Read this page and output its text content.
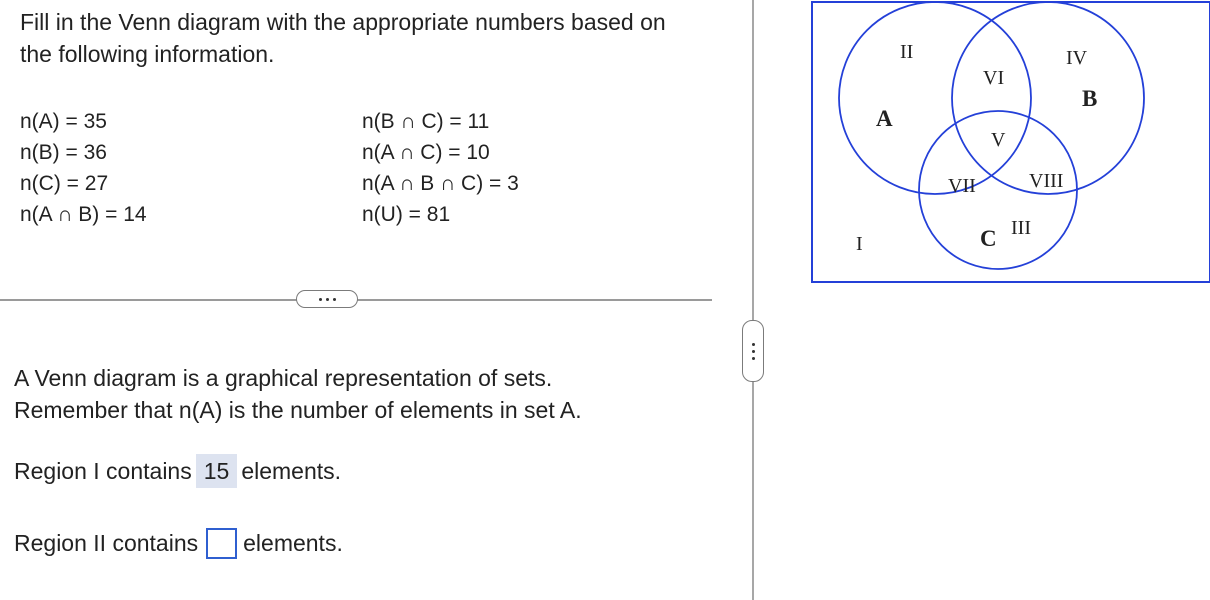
Fill in the Venn diagram with the appropriate numbers based on the following information.
n(A) = 35
n(B) = 36
n(C) = 27
n(A ∩ B) = 14
n(B ∩ C) = 11
n(A ∩ C) = 10
n(A ∩ B ∩ C) = 3
n(U) = 81
A Venn diagram is a graphical representation of sets.
Remember that n(A) is the number of elements in set A.
Region I contains 15 elements.
Region II contains elements.
A
B
C
I
II
III
IV
V
VI
VII	VIII
